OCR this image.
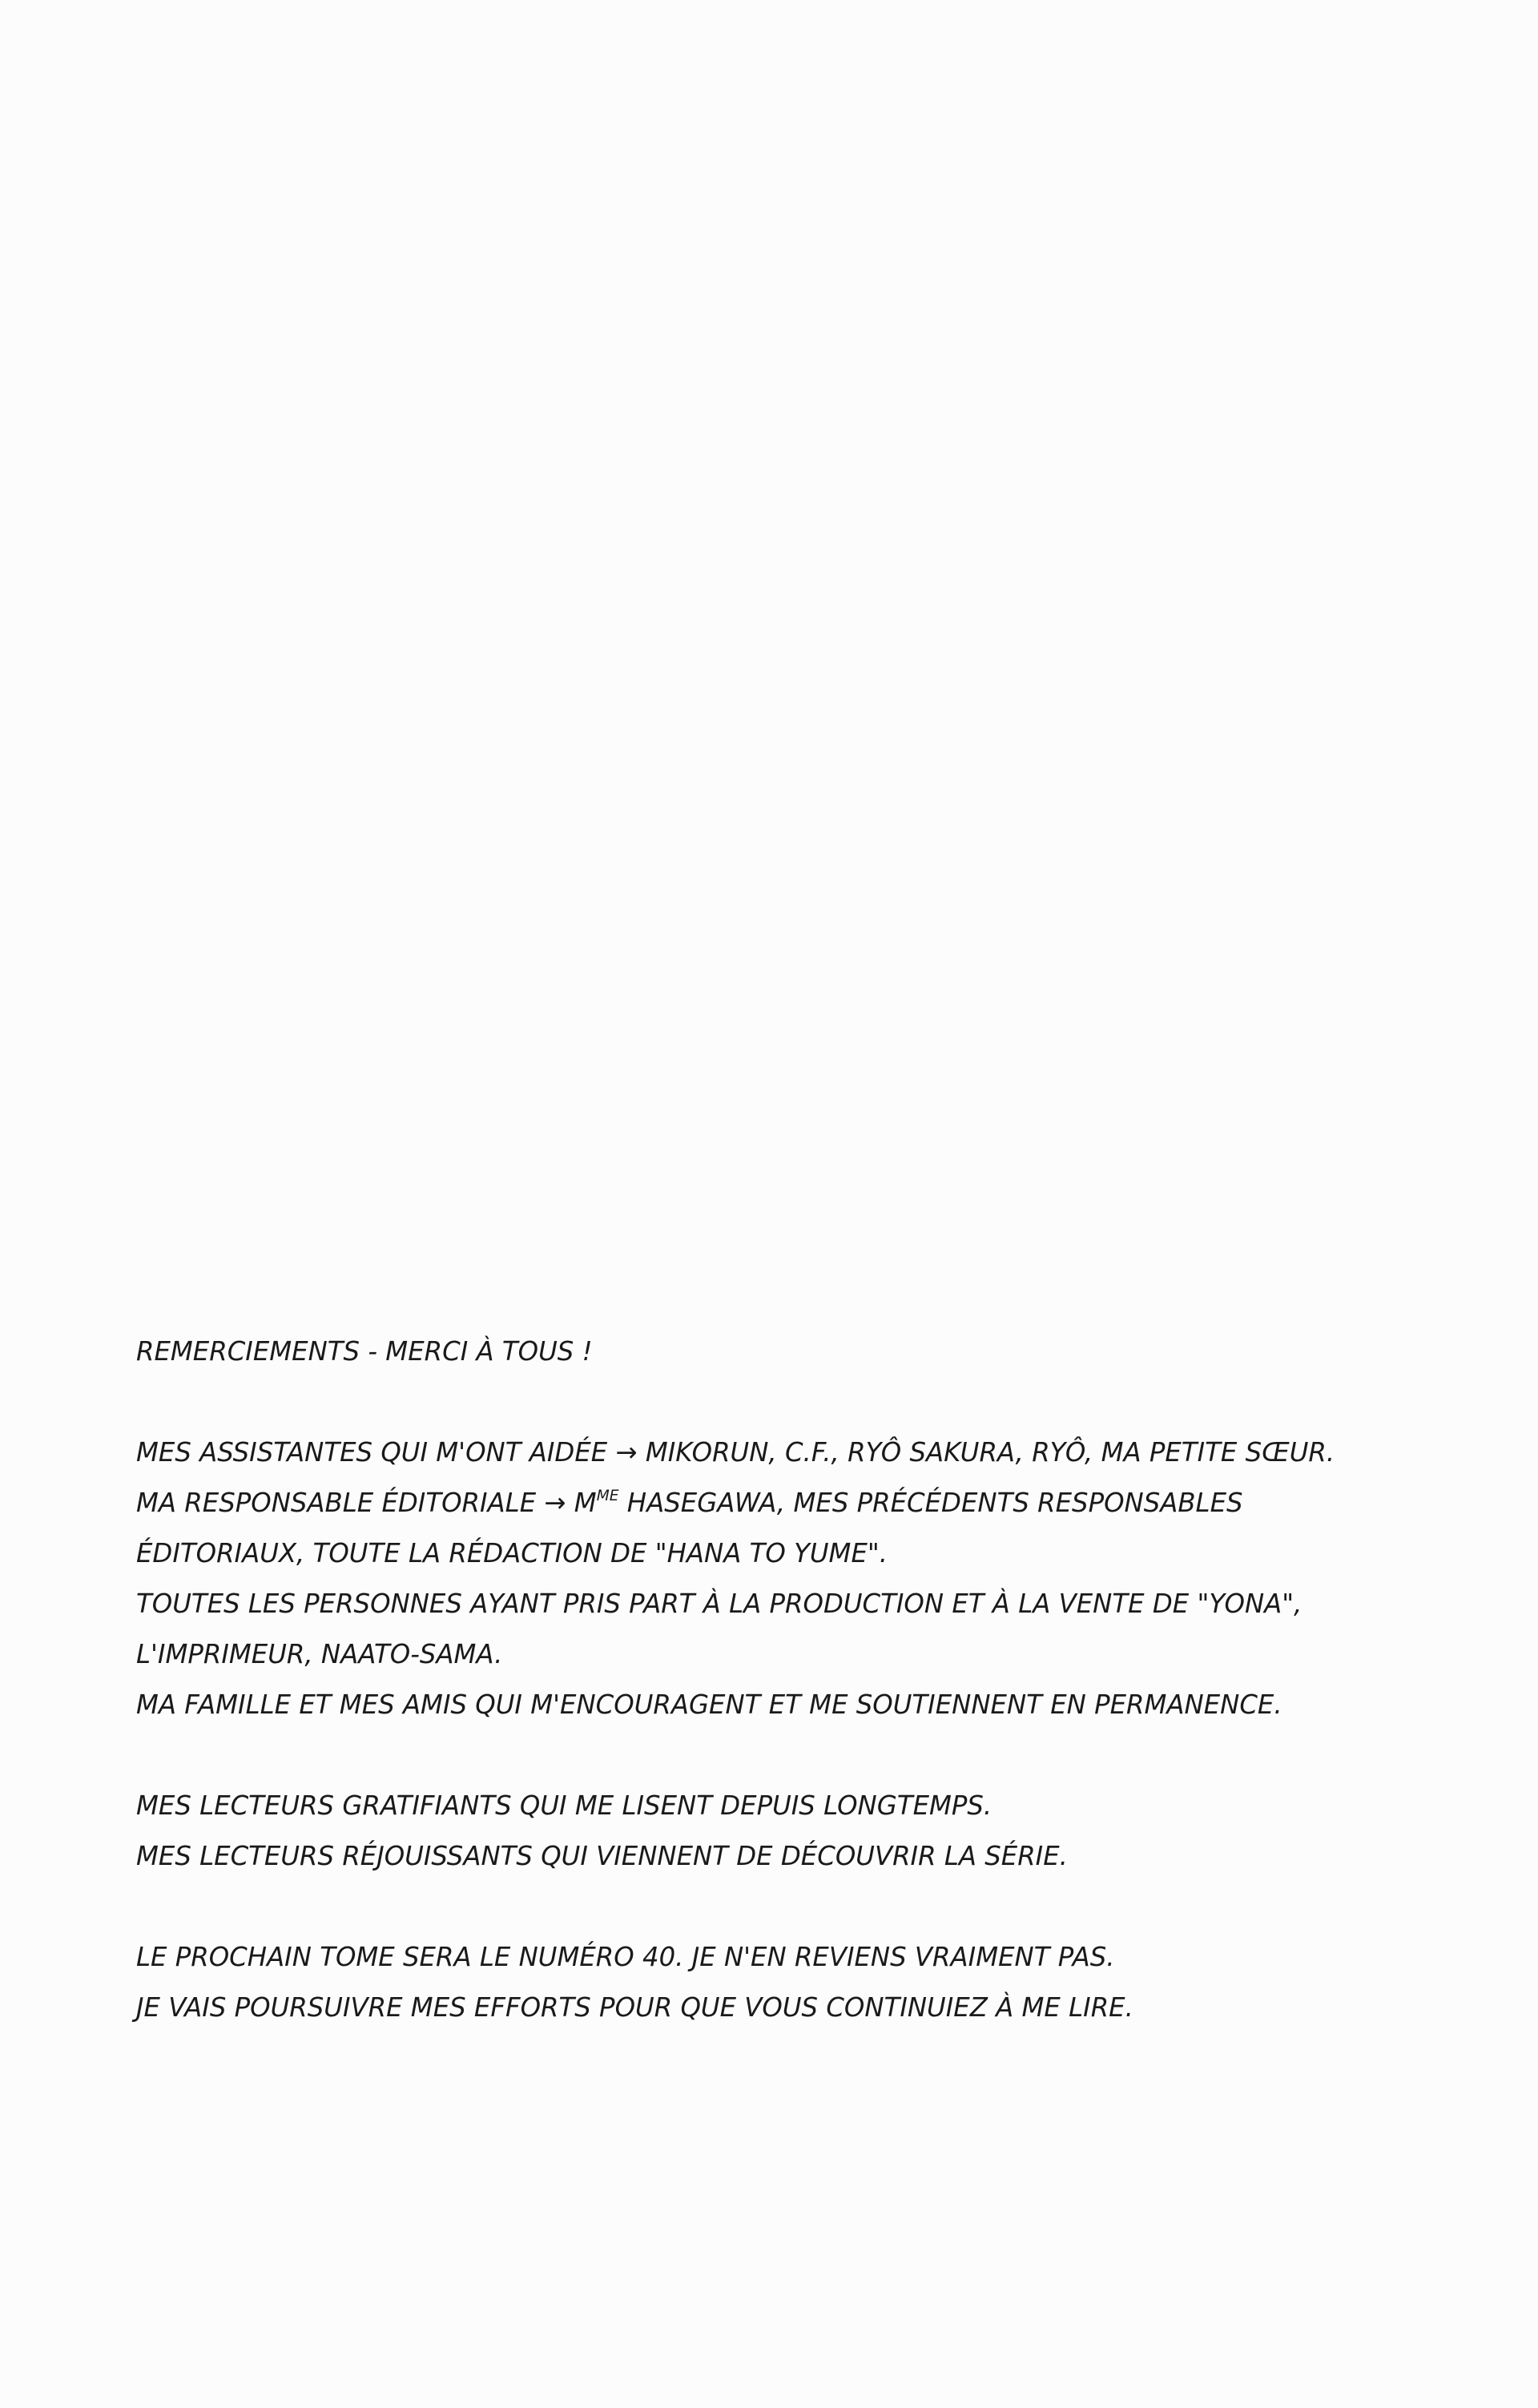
REMERCIEMENTS - MERCI À TOUS !
MES ASSISTANTES QUI M'ONT AIDÉE → MIKORUN, C.F., RYÔ SAKURA, RYÔ, MA PETITE SŒUR.
MA RESPONSABLE ÉDITORIALE → $M^{ME}$ HASEGAWA, MES PRÉCÉDENTS RESPONSABLES
ÉDITORIAUX, TOUTE LA RÉDACTION DE "HANA TO YUME".
TOUTES LES PERSONNES AYANT PRIS PART À LA PRODUCTION ET À LA VENTE DE "YONA",
L'IMPRIMEUR, NAATO-SAMA.
MA FAMILLE ET MES AMIS QUI M'ENCOURAGENT ET ME SOUTIENNENT EN PERMANENCE.
MES LECTEURS GRATIFIANTS QUI ME LISENT DEPUIS LONGTEMPS.
MES LECTEURS RÉJOUISSANTS QUI VIENNENT DE DÉCOUVRIR LA SÉRIE.
LE PROCHAIN TOME SERA LE NUMÉRO 40. JE N'EN REVIENS VRAIMENT PAS.
JE VAIS POURSUIVRE MES EFFORTS POUR QUE VOUS CONTINUIEZ À ME LIRE.
